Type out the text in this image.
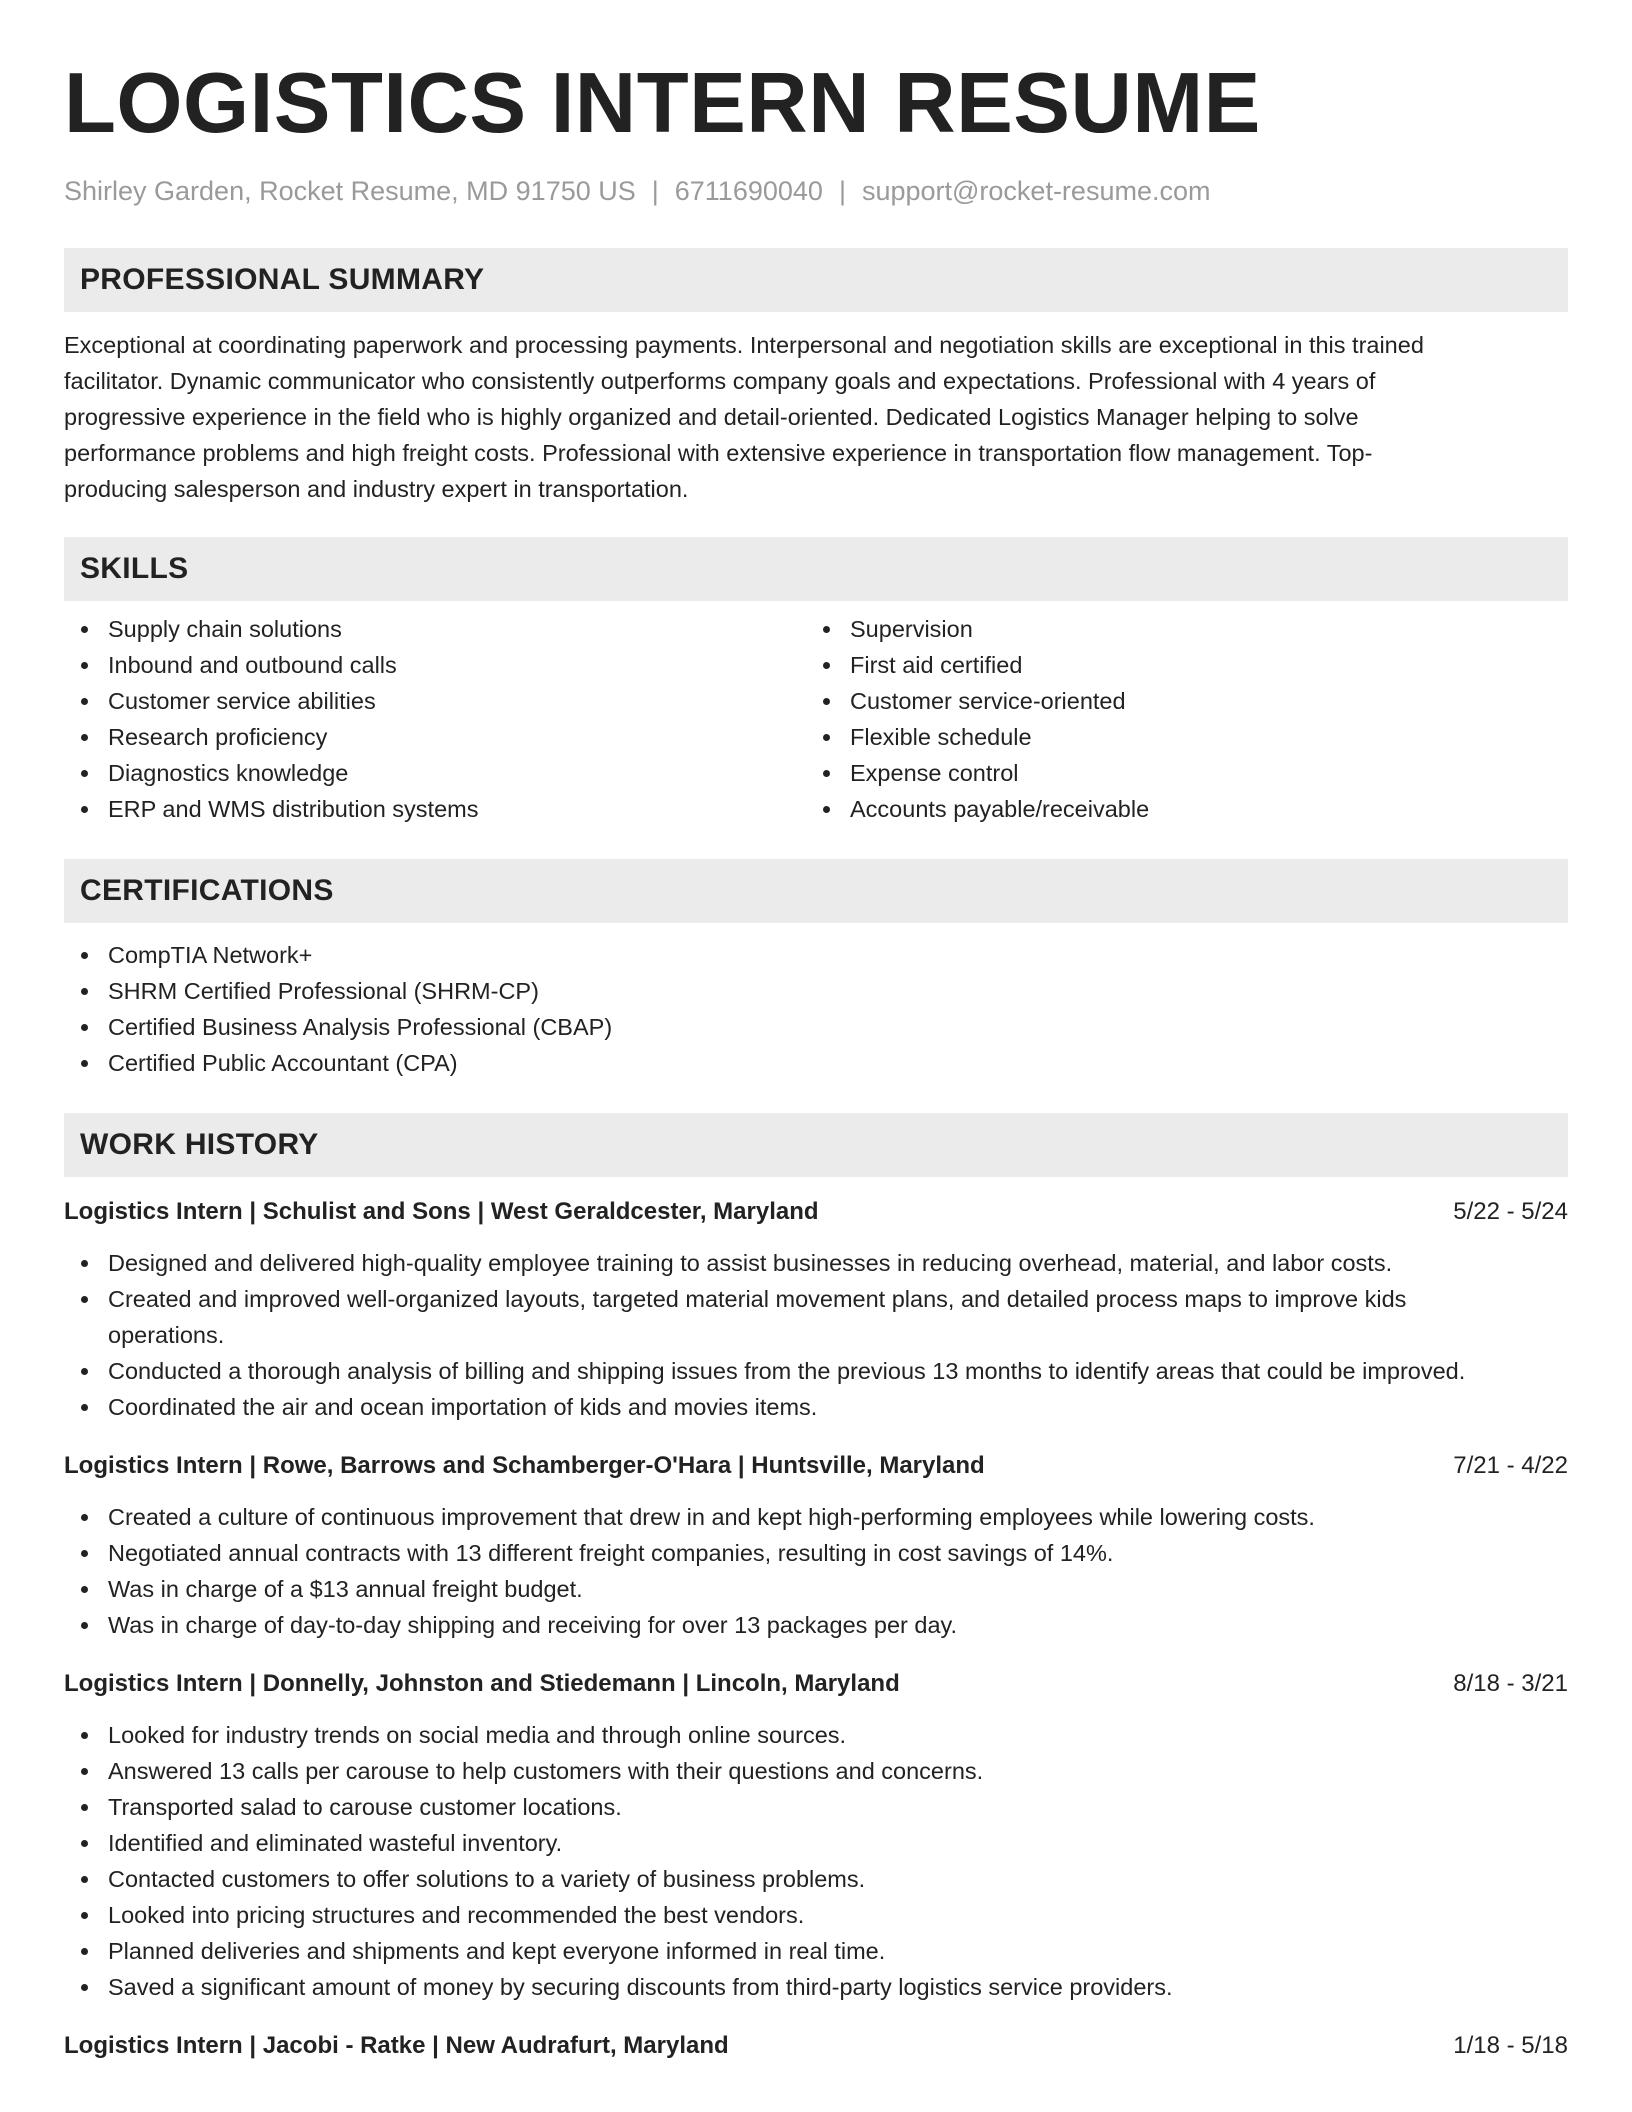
LOGISTICS INTERN RESUME
Shirley Garden, Rocket Resume, MD 91750 US | 6711690040 | support@rocket-resume.com
PROFESSIONAL SUMMARY
Exceptional at coordinating paperwork and processing payments. Interpersonal and negotiation skills are exceptional in this trained
facilitator. Dynamic communicator who consistently outperforms company goals and expectations. Professional with 4 years of
progressive experience in the field who is highly organized and detail-oriented. Dedicated Logistics Manager helping to solve
performance problems and high freight costs. Professional with extensive experience in transportation flow management. Top-
producing salesperson and industry expert in transportation.
SKILLS
Supply chain solutions
Inbound and outbound calls
Customer service abilities
Research proficiency
Diagnostics knowledge
ERP and WMS distribution systems
Supervision
First aid certified
Customer service-oriented
Flexible schedule
Expense control
Accounts payable/receivable
CERTIFICATIONS
CompTIA Network+
SHRM Certified Professional (SHRM-CP)
Certified Business Analysis Professional (CBAP)
Certified Public Accountant (CPA)
WORK HISTORY
Logistics Intern | Schulist and Sons | West Geraldcester, Maryland	5/22 - 5/24
Designed and delivered high-quality employee training to assist businesses in reducing overhead, material, and labor costs.
Created and improved well-organized layouts, targeted material movement plans, and detailed process maps to improve kids
operations.
Conducted a thorough analysis of billing and shipping issues from the previous 13 months to identify areas that could be improved.
Coordinated the air and ocean importation of kids and movies items.
Logistics Intern | Rowe, Barrows and Schamberger-O'Hara | Huntsville, Maryland	7/21 - 4/22
Created a culture of continuous improvement that drew in and kept high-performing employees while lowering costs.
Negotiated annual contracts with 13 different freight companies, resulting in cost savings of 14%.
Was in charge of a $13 annual freight budget.
Was in charge of day-to-day shipping and receiving for over 13 packages per day.
Logistics Intern | Donnelly, Johnston and Stiedemann | Lincoln, Maryland	8/18 - 3/21
Looked for industry trends on social media and through online sources.
Answered 13 calls per carouse to help customers with their questions and concerns.
Transported salad to carouse customer locations.
Identified and eliminated wasteful inventory.
Contacted customers to offer solutions to a variety of business problems.
Looked into pricing structures and recommended the best vendors.
Planned deliveries and shipments and kept everyone informed in real time.
Saved a significant amount of money by securing discounts from third-party logistics service providers.
Logistics Intern | Jacobi - Ratke | New Audrafurt, Maryland	1/18 - 5/18
